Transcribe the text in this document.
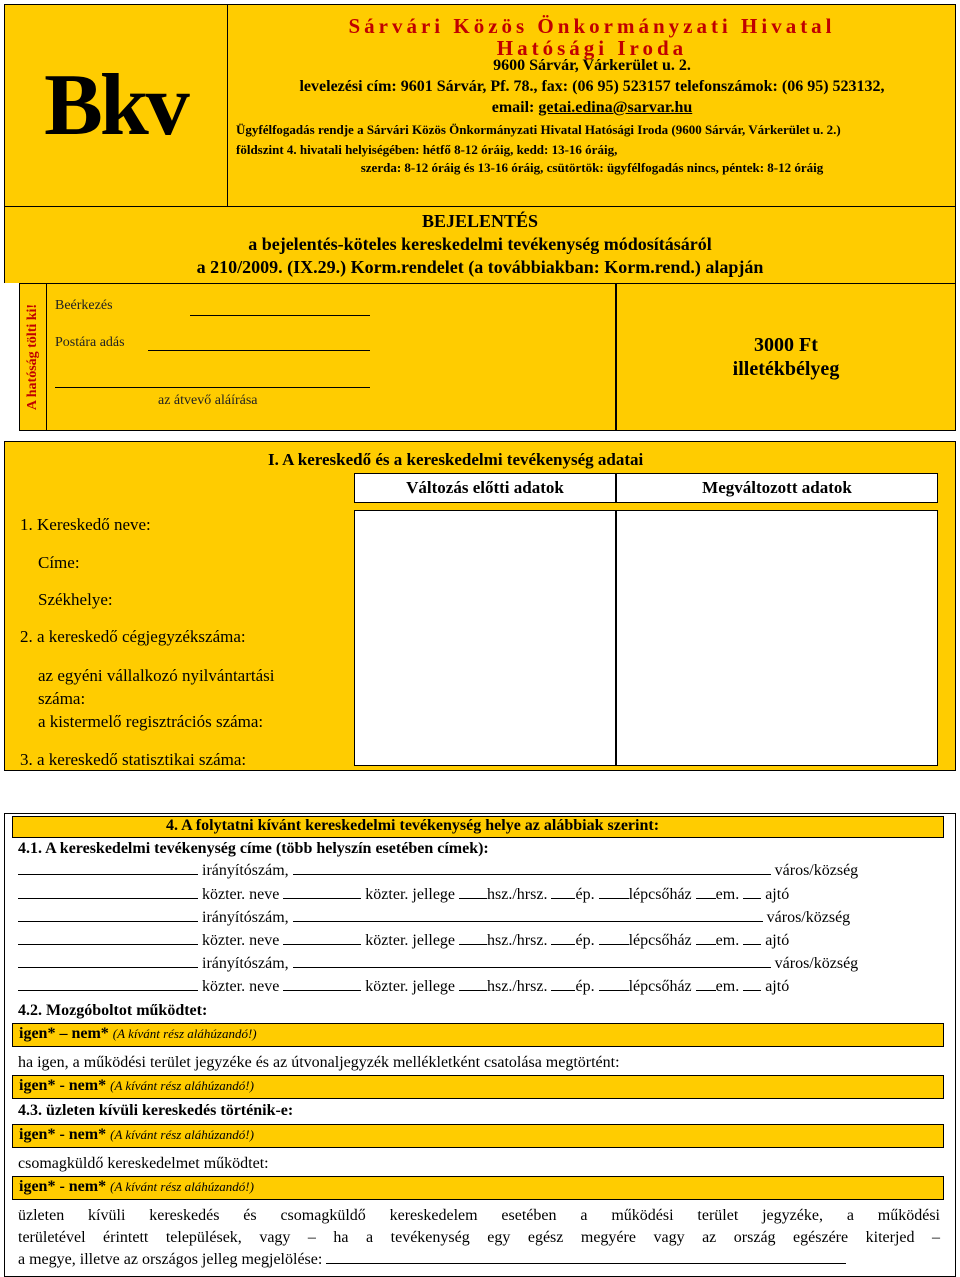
Bkv
Sárvári Közös Önkormányzati Hivatal
Hatósági Iroda
9600 Sárvár, Várkerület u. 2.
levelezési cím: 9601 Sárvár, Pf. 78., fax: (06 95) 523157 telefonszámok: (06 95) 523132,
email: getai.edina@sarvar.hu
Ügyfélfogadás rendje a Sárvári Közös Önkormányzati Hivatal Hatósági Iroda (9600 Sárvár, Várkerület u. 2.)
földszint 4. hivatali helyiségében: hétfő 8-12 óráig, kedd: 13-16 óráig,
szerda: 8-12 óráig és 13-16 óráig, csütörtök: ügyfélfogadás nincs, péntek: 8-12 óráig
BEJELENTÉS
a bejelentés-köteles kereskedelmi tevékenység módosításáról
a 210/2009. (IX.29.) Korm.rendelet (a továbbiakban: Korm.rend.) alapján
A hatóság tölti ki! Beérkezés
Postára adás
az átvevő aláírása
3000 Ft
illetékbélyeg
I. A kereskedő és a kereskedelmi tevékenység adatai
Változás előtti adatok	Megváltozott adatok
1. Kereskedő neve:
Címe:
Székhelye:
2. a kereskedő cégjegyzékszáma:
az egyéni vállalkozó nyilvántartási
száma:
a kistermelő regisztrációs száma:
3. a kereskedő statisztikai száma:
4. A folytatni kívánt kereskedelmi tevékenység helye az alábbiak szerint:
4.1. A kereskedelmi tevékenység címe (több helyszín esetében címek):
irányítószám,	város/község
közter. neve	közter. jellege hsz./hrsz. ép. lépcsőház em. ajtó
irányítószám,	város/község
közter. neve	közter. jellege hsz./hrsz. ép. lépcsőház em. ajtó
irányítószám,	város/község
közter. neve	közter. jellege hsz./hrsz. ép. lépcsőház em. ajtó
4.2. Mozgóboltot működtet:
igen* – nem* (A kívánt rész aláhúzandó!)
ha igen, a működési terület jegyzéke és az útvonaljegyzék mellékletként csatolása megtörtént:
igen* - nem* (A kívánt rész aláhúzandó!)
4.3. üzleten kívüli kereskedés történik-e:
igen* - nem* (A kívánt rész aláhúzandó!)
csomagküldő kereskedelmet működtet:
igen* - nem* (A kívánt rész aláhúzandó!)
üzleten kívüli kereskedés és csomagküldő kereskedelem esetében a működési terület jegyzéke, a működési
területével érintett települések, vagy – ha a tevékenység egy egész megyére vagy az ország egészére kiterjed –
a megye, illetve az országos jelleg megjelölése:
